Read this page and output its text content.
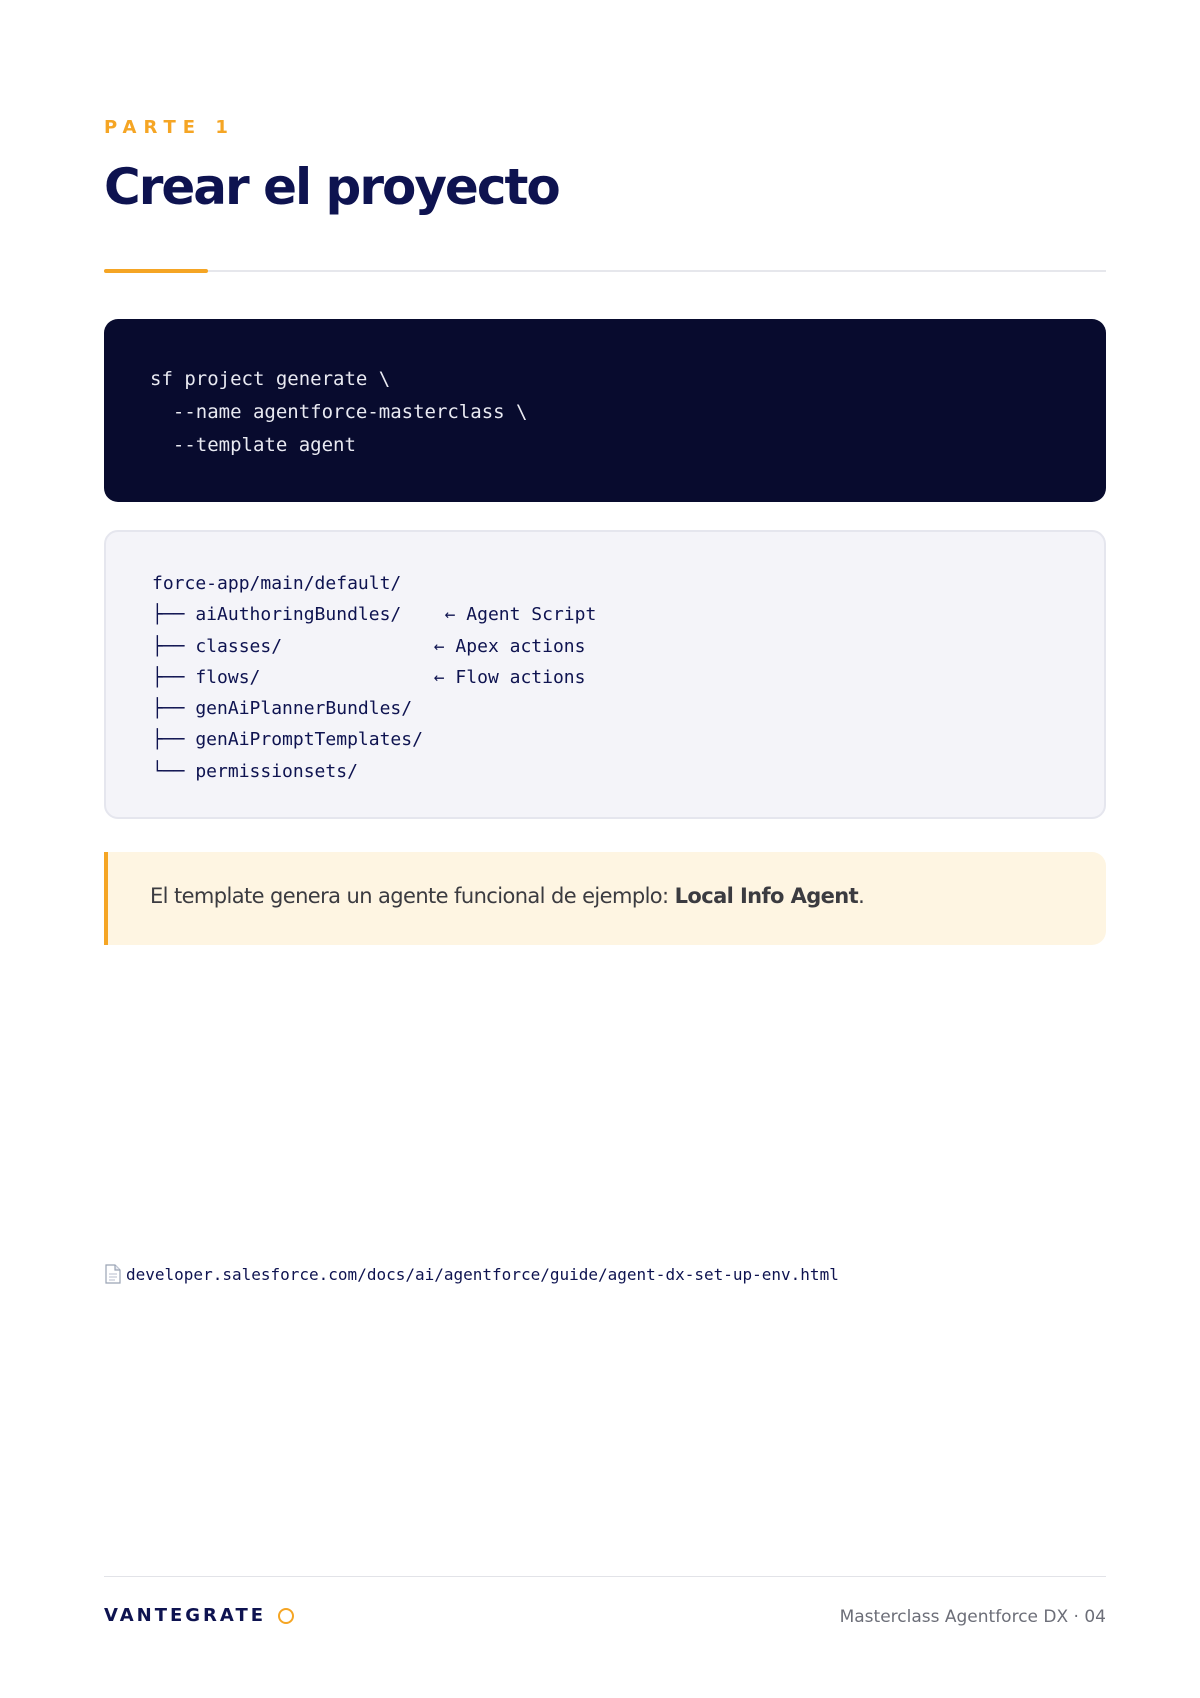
PARTE 1
Crear el proyecto
sf project generate \
--name agentforce-masterclass \
--template agent
force-app/main/default/
├── aiAuthoringBundles/    ← Agent Script
├── classes/              ← Apex actions
├── flows/                ← Flow actions
├── genAiPlannerBundles/
├── genAiPromptTemplates/
└── permissionsets/
El template genera un agente funcional de ejemplo: Local Info Agent.
developer.salesforce.com/docs/ai/agentforce/guide/agent-dx-set-up-env.html
VANTEGRATE	Masterclass Agentforce DX · 04
